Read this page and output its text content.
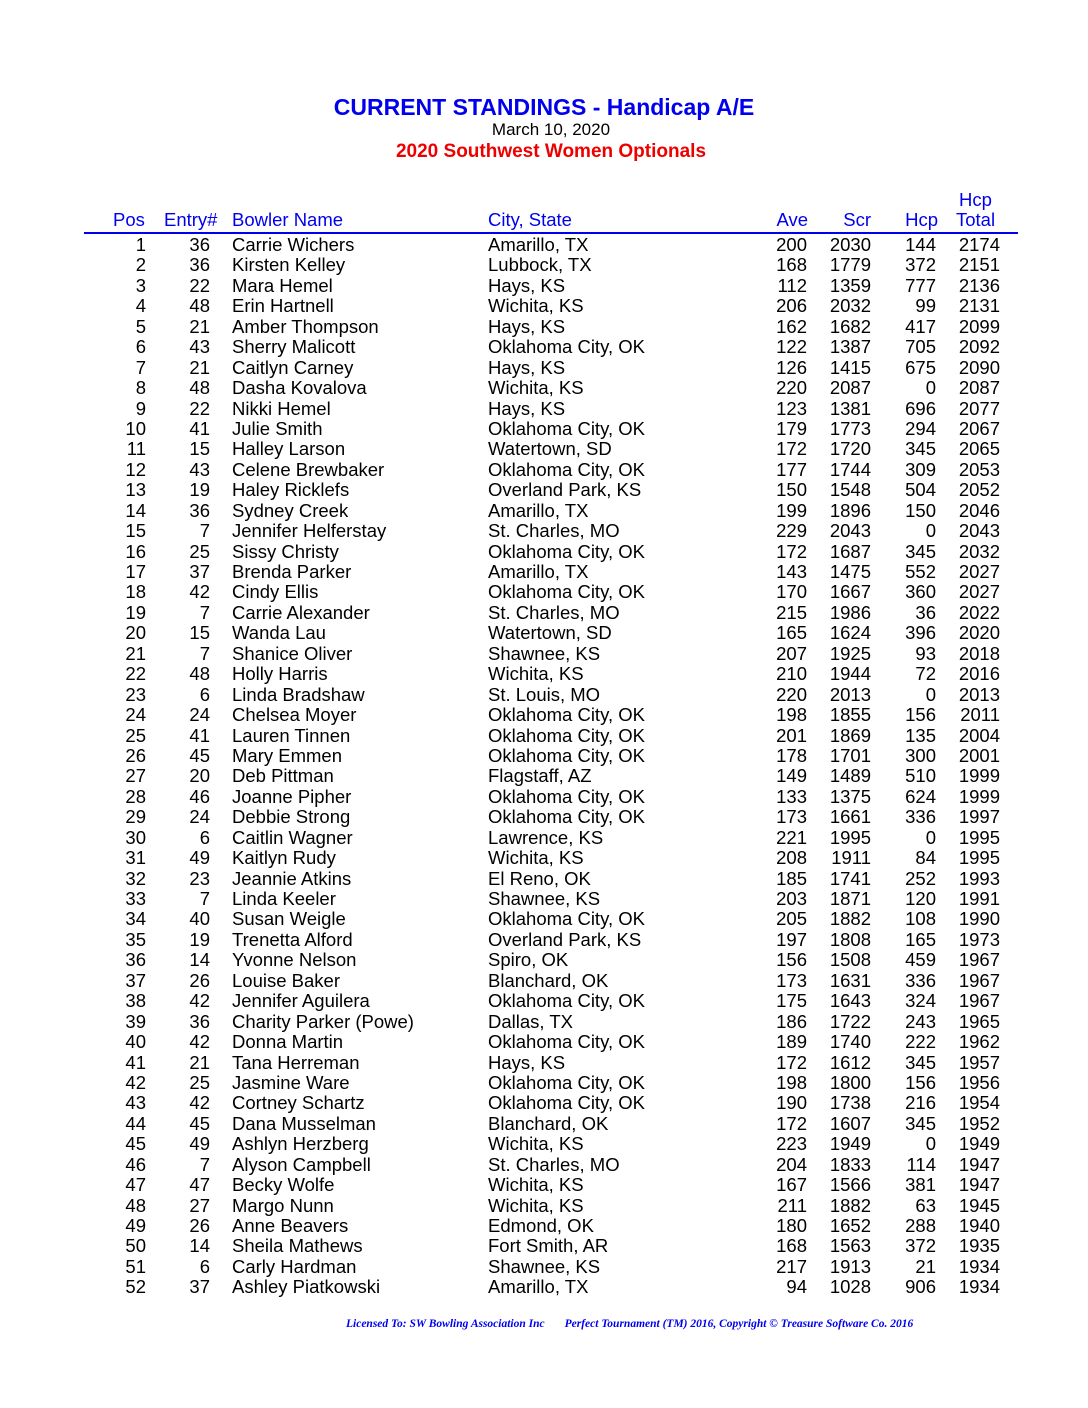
CURRENT STANDINGS - Handicap A/E
March 10, 2020
2020 Southwest Women Optionals
Pos Entry# Bowler Name	City, State	Ave Scr Hcp
Hcp
Total
1 36 Carrie Wichers	Amarillo, TX	200 2030 144 2174
2 36 Kirsten Kelley	Lubbock, TX	168 1779 372 2151
3 22 Mara Hemel	Hays, KS	112 1359 777 2136
4 48 Erin Hartnell	Wichita, KS	206 2032 99 2131
5 21 Amber Thompson	Hays, KS	162 1682 417 2099
6 43 Sherry Malicott	Oklahoma City, OK	122 1387 705 2092
7 21 Caitlyn Carney	Hays, KS	126 1415 675 2090
8 48 Dasha Kovalova	Wichita, KS	220 2087	0 2087
9 22 Nikki Hemel	Hays, KS	123 1381 696 2077
10 41 Julie Smith	Oklahoma City, OK	179 1773 294 2067
11 15 Halley Larson	Watertown, SD	172 1720 345 2065
12 43 Celene Brewbaker	Oklahoma City, OK	177 1744 309 2053
13 19 Haley Ricklefs	Overland Park, KS	150 1548 504 2052
14 36 Sydney Creek	Amarillo, TX	199 1896 150 2046
15	7 Jennifer Helferstay	St. Charles, MO	229 2043	0 2043
16 25 Sissy Christy	Oklahoma City, OK	172 1687 345 2032
17 37 Brenda Parker	Amarillo, TX	143 1475 552 2027
18 42 Cindy Ellis	Oklahoma City, OK	170 1667 360 2027
19	7 Carrie Alexander	St. Charles, MO	215 1986 36 2022
20 15 Wanda Lau	Watertown, SD	165 1624 396 2020
21	7 Shanice Oliver	Shawnee, KS	207 1925 93 2018
22 48 Holly Harris	Wichita, KS	210 1944 72 2016
23	6 Linda Bradshaw	St. Louis, MO	220 2013	0 2013
24 24 Chelsea Moyer	Oklahoma City, OK	198 1855 156 2011
25 41 Lauren Tinnen	Oklahoma City, OK	201 1869 135 2004
26 45 Mary Emmen	Oklahoma City, OK	178 1701 300 2001
27 20 Deb Pittman	Flagstaff, AZ	149 1489 510 1999
28 46 Joanne Pipher	Oklahoma City, OK	133 1375 624 1999
29 24 Debbie Strong	Oklahoma City, OK	173 1661 336 1997
30	6 Caitlin Wagner	Lawrence, KS	221 1995	0 1995
31 49 Kaitlyn Rudy	Wichita, KS	208 1911 84 1995
32 23 Jeannie Atkins	El Reno, OK	185 1741 252 1993
33	7 Linda Keeler	Shawnee, KS	203 1871 120 1991
34 40 Susan Weigle	Oklahoma City, OK	205 1882 108 1990
35 19 Trenetta Alford	Overland Park, KS	197 1808 165 1973
36 14 Yvonne Nelson	Spiro, OK	156 1508 459 1967
37 26 Louise Baker	Blanchard, OK	173 1631 336 1967
38 42 Jennifer Aguilera	Oklahoma City, OK	175 1643 324 1967
39 36 Charity Parker (Powe)	Dallas, TX	186 1722 243 1965
40 42 Donna Martin	Oklahoma City, OK	189 1740 222 1962
41 21 Tana Herreman	Hays, KS	172 1612 345 1957
42 25 Jasmine Ware	Oklahoma City, OK	198 1800 156 1956
43 42 Cortney Schartz	Oklahoma City, OK	190 1738 216 1954
44 45 Dana Musselman	Blanchard, OK	172 1607 345 1952
45 49 Ashlyn Herzberg	Wichita, KS	223 1949	0 1949
46	7 Alyson Campbell	St. Charles, MO	204 1833 114 1947
47 47 Becky Wolfe	Wichita, KS	167 1566 381 1947
48 27 Margo Nunn	Wichita, KS	211 1882 63 1945
49 26 Anne Beavers	Edmond, OK	180 1652 288 1940
50 14 Sheila Mathews	Fort Smith, AR	168 1563 372 1935
51	6 Carly Hardman	Shawnee, KS	217 1913 21 1934
52 37 Ashley Piatkowski	Amarillo, TX	94 1028 906 1934
Licensed To: SW Bowling Association Inc Perfect Tournament (TM) 2016, Copyright © Treasure Software Co. 2016
